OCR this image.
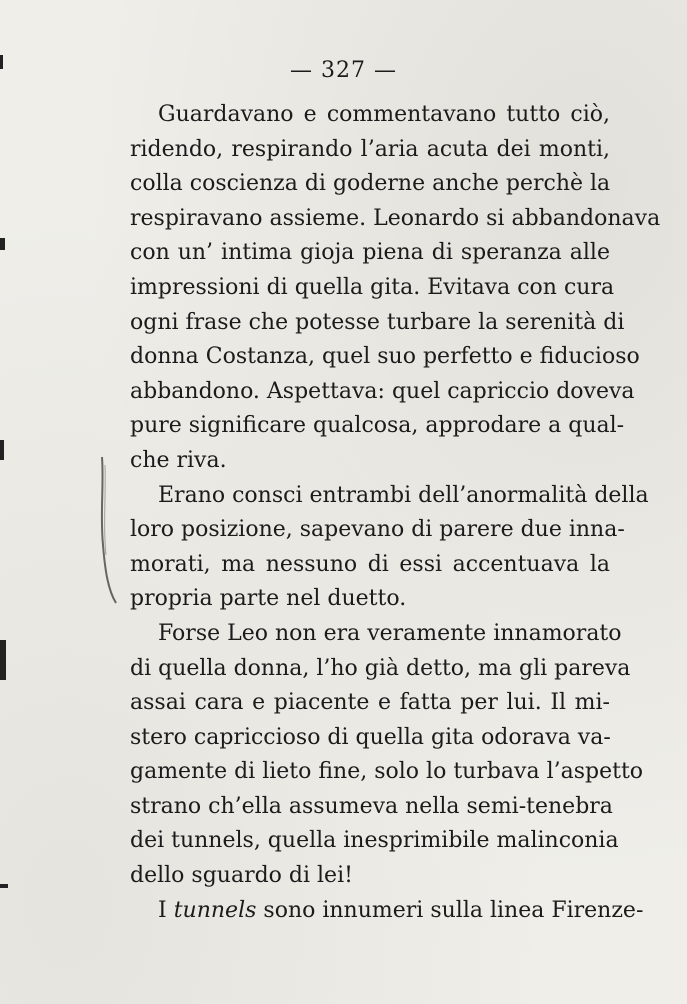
— 327 —
Guardavano e commentavano tutto ciò,
ridendo, respirando l’aria acuta dei monti,
colla coscienza di goderne anche perchè la
respiravano assieme. Leonardo si abbandonava
con un’ intima gioja piena di speranza alle
impressioni di quella gita. Evitava con cura
ogni frase che potesse turbare la serenità di
donna Costanza, quel suo perfetto e fiducioso
abbandono. Aspettava: quel capriccio doveva
pure significare qualcosa, approdare a qual-
che riva.
Erano consci entrambi dell’anormalità della
loro posizione, sapevano di parere due inna-
morati, ma nessuno di essi accentuava la
propria parte nel duetto.
Forse Leo non era veramente innamorato
di quella donna, l’ho già detto, ma gli pareva
assai cara e piacente e fatta per lui. Il mi-
stero capriccioso di quella gita odorava va-
gamente di lieto fine, solo lo turbava l’aspetto
strano ch’ella assumeva nella semi-tenebra
dei tunnels, quella inesprimibile malinconia
dello sguardo di lei!
I tunnels sono innumeri sulla linea Firenze-
